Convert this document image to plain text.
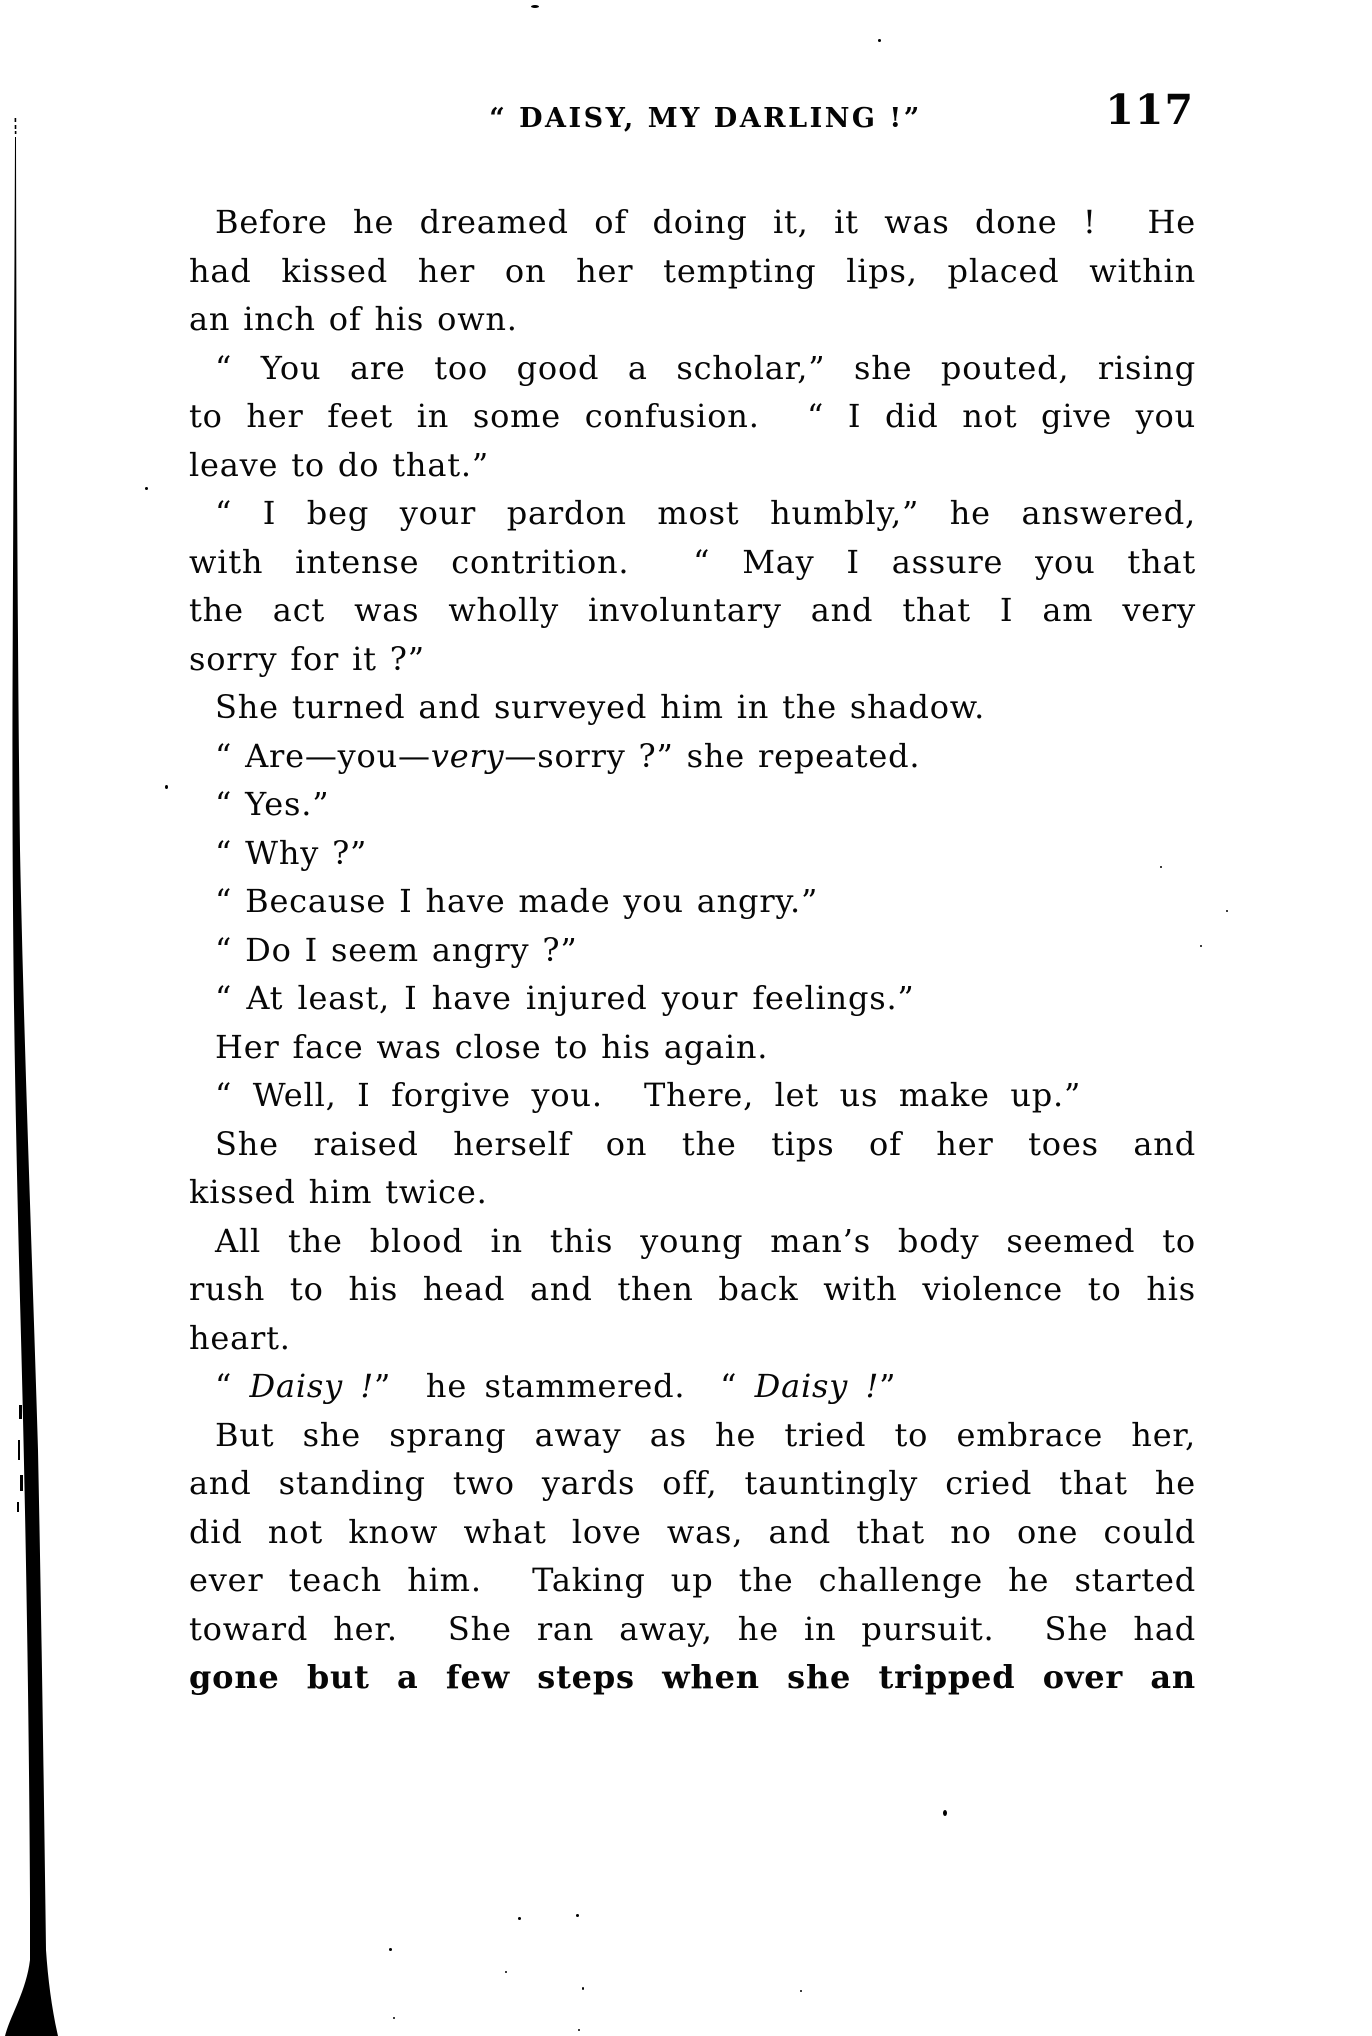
“ DAISY, MY DARLING !”	117
Before he dreamed of doing it, it was done !  He
had kissed her on her tempting lips, placed within
an inch of his own.
“ You are too good a scholar,” she pouted, rising
to her feet in some confusion.  “ I did not give you
leave to do that.”
“ I beg your pardon most humbly,” he answered,
with intense contrition.  “ May I assure you that
the act was wholly involuntary and that I am very
sorry for it ?”
She turned and surveyed him in the shadow.
“ Are—you—very—sorry ?” she repeated.
“ Yes.”
“ Why ?”
“ Because I have made you angry.”
“ Do I seem angry ?”
“ At least, I have injured your feelings.”
Her face was close to his again.
“ Well, I forgive you.  There, let us make up.”
She raised herself on the tips of her toes and
kissed him twice.
All the blood in this young man’s body seemed to
rush to his head and then back with violence to his
heart.
“ Daisy !”  he stammered.  “ Daisy !”
But she sprang away as he tried to embrace her,
and standing two yards off, tauntingly cried that he
did not know what love was, and that no one could
ever teach him.  Taking up the challenge he started
toward her.  She ran away, he in pursuit.  She had
gone but a few steps when she tripped over an
